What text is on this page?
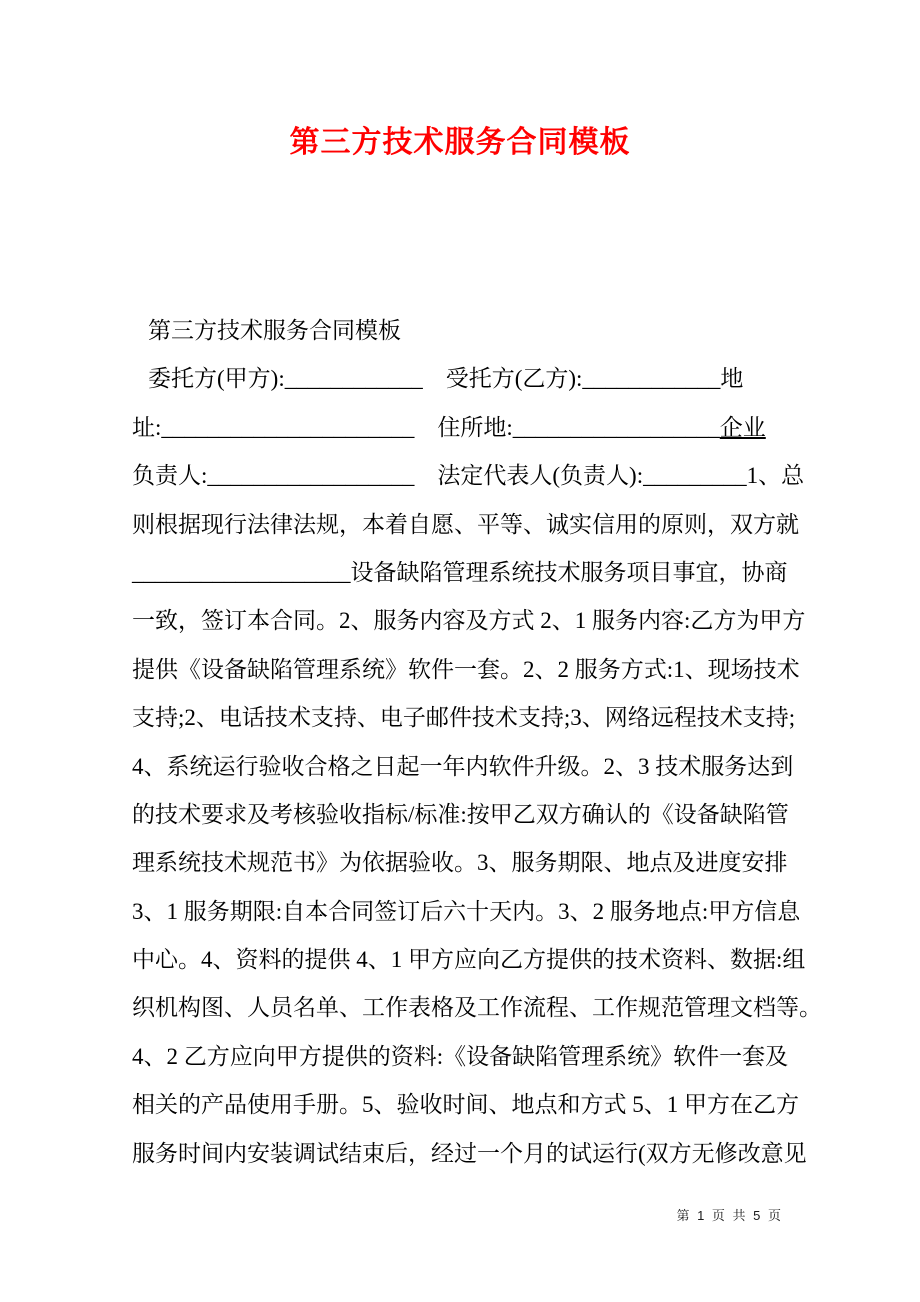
第三方技术服务合同模板
第三方技术服务合同模板
委托方(甲方):____________　受托方(乙方):____________地
址:______________________　住所地:__________________企业
负责人:__________________　法定代表人(负责人):_________1、总
则根据现行法律法规，本着自愿、平等、诚实信用的原则，双方就
___________________设备缺陷管理系统技术服务项目事宜，协商
一致，签订本合同。2、服务内容及方式 2、1 服务内容:乙方为甲方
提供《设备缺陷管理系统》软件一套。2、2 服务方式:1、现场技术
支持;2、电话技术支持、电子邮件技术支持;3、网络远程技术支持;
4、系统运行验收合格之日起一年内软件升级。2、3 技术服务达到
的技术要求及考核验收指标/标准:按甲乙双方确认的《设备缺陷管
理系统技术规范书》为依据验收。3、服务期限、地点及进度安排
3、1 服务期限:自本合同签订后六十天内。3、2 服务地点:甲方信息
中心。4、资料的提供 4、1 甲方应向乙方提供的技术资料、数据:组
织机构图、人员名单、工作表格及工作流程、工作规范管理文档等。
4、2 乙方应向甲方提供的资料:《设备缺陷管理系统》软件一套及
相关的产品使用手册。5、验收时间、地点和方式 5、1 甲方在乙方
服务时间内安装调试结束后，经过一个月的试运行(双方无修改意见
第 1 页 共 5 页
